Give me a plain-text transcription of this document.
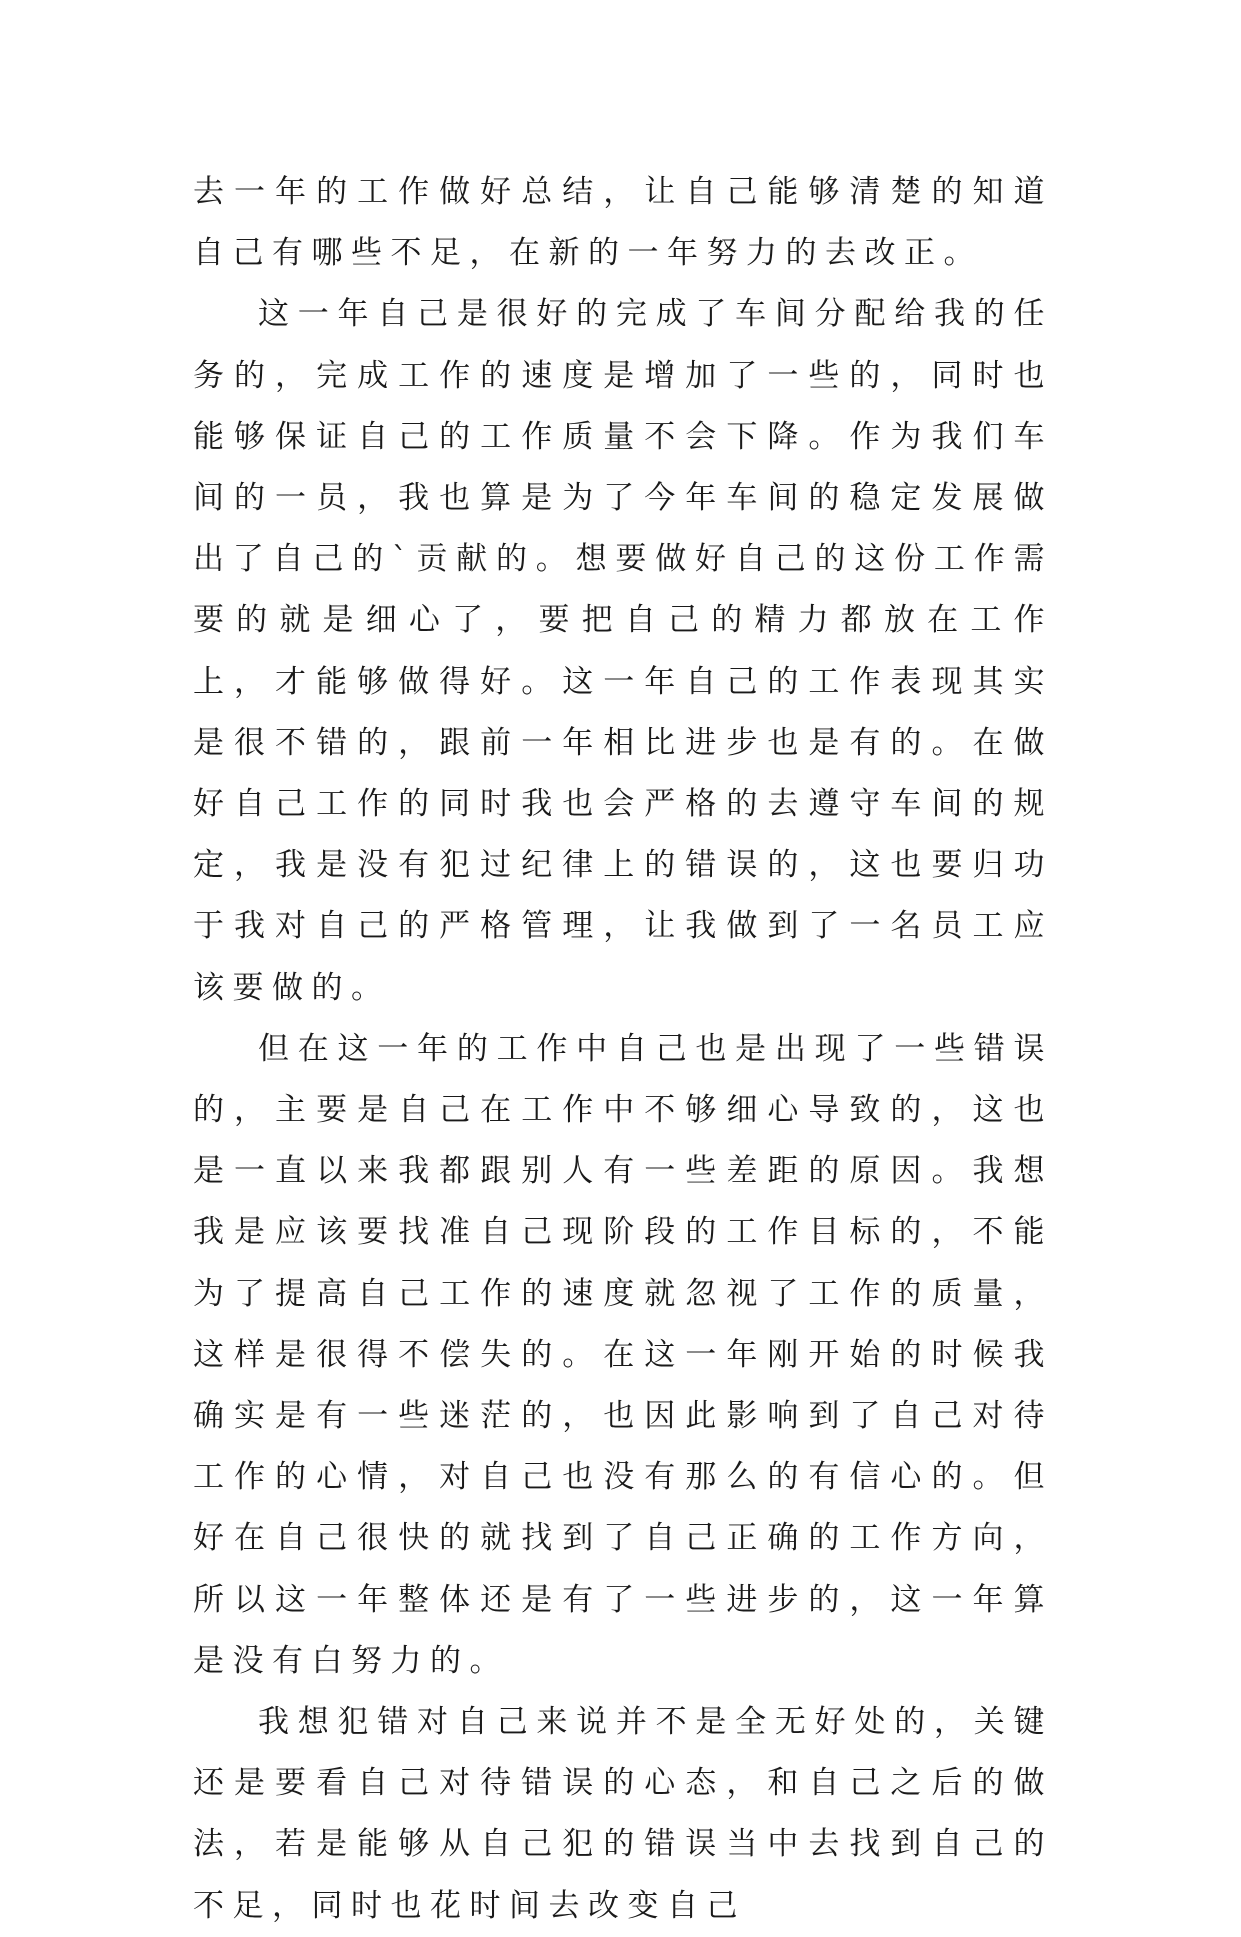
去一年的工作做好总结，让自己能够清楚的知道自己有哪些不足，在新的一年努力的去改正。

这一年自己是很好的完成了车间分配给我的任务的，完成工作的速度是增加了一些的，同时也能够保证自己的工作质量不会下降。作为我们车间的一员，我也算是为了今年车间的稳定发展做出了自己的`贡献的。想要做好自己的这份工作需要的就是细心了，要把自己的精力都放在工作上，才能够做得好。这一年自己的工作表现其实是很不错的，跟前一年相比进步也是有的。在做好自己工作的同时我也会严格的去遵守车间的规定，我是没有犯过纪律上的错误的，这也要归功于我对自己的严格管理，让我做到了一名员工应该要做的。

但在这一年的工作中自己也是出现了一些错误的，主要是自己在工作中不够细心导致的，这也是一直以来我都跟别人有一些差距的原因。我想我是应该要找准自己现阶段的工作目标的，不能为了提高自己工作的速度就忽视了工作的质量，这样是很得不偿失的。在这一年刚开始的时候我确实是有一些迷茫的，也因此影响到了自己对待工作的心情，对自己也没有那么的有信心的。但好在自己很快的就找到了自己正确的工作方向，所以这一年整体还是有了一些进步的，这一年算是没有白努力的。

我想犯错对自己来说并不是全无好处的，关键还是要看自己对待错误的心态，和自己之后的做法，若是能够从自己犯的错误当中去找到自己的不足，同时也花时间去改变自己
